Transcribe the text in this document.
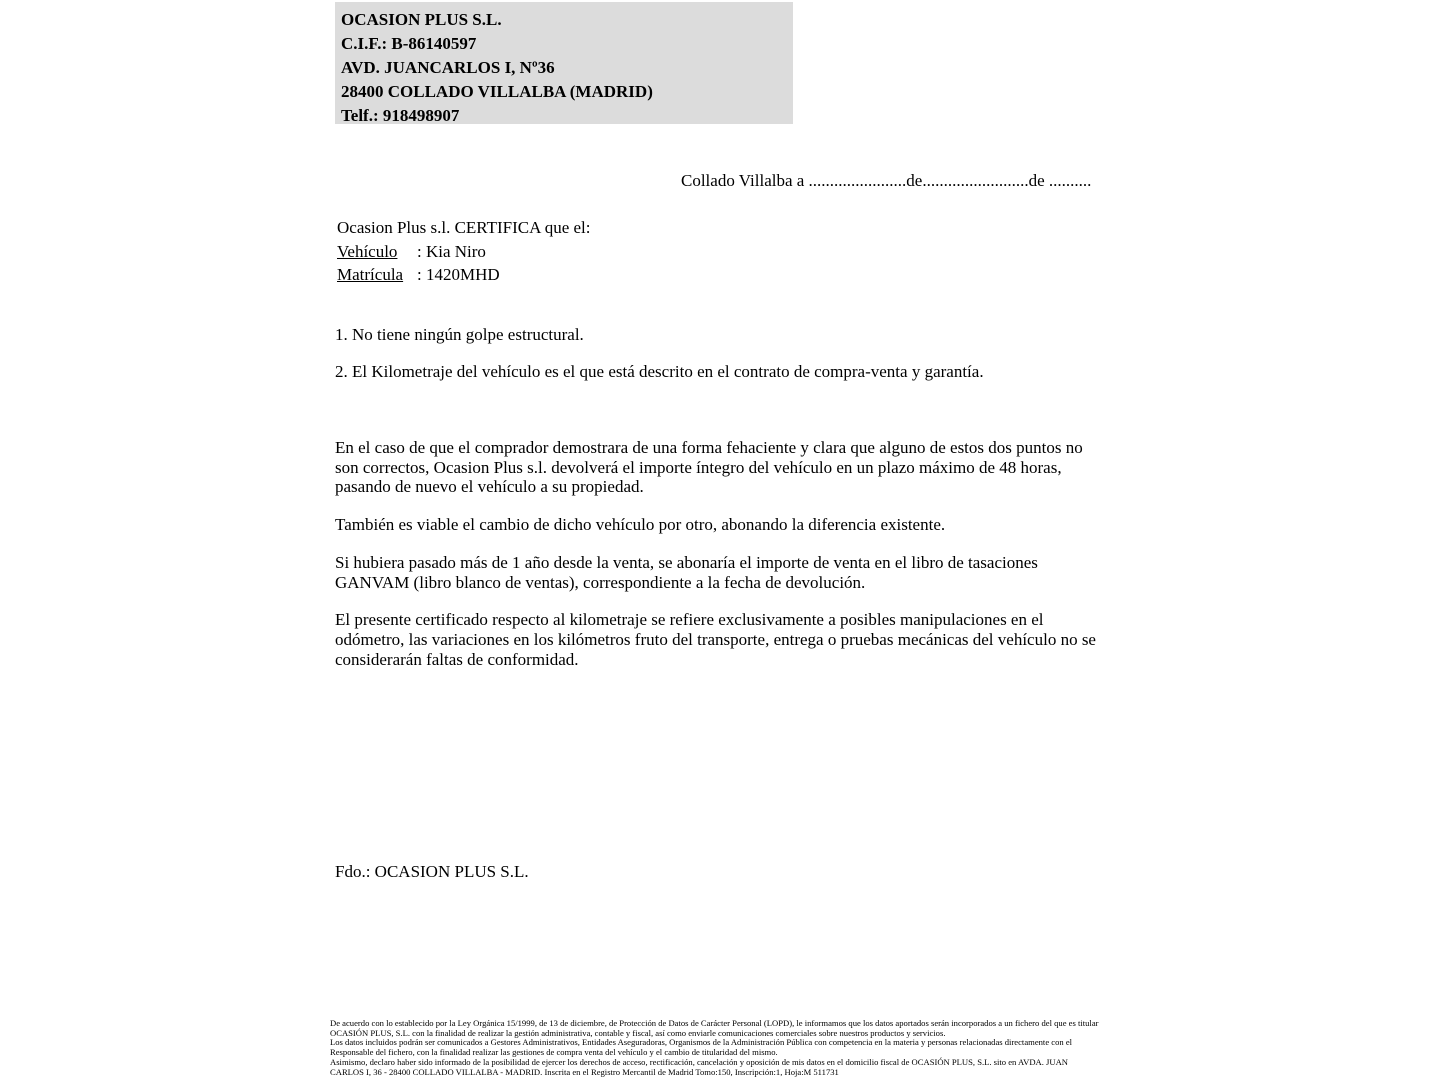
OCASION PLUS S.L.
C.I.F.: B-86140597
AVD. JUANCARLOS I, Nº36
28400 COLLADO VILLALBA (MADRID)
Telf.: 918498907
Collado Villalba a .......................de.........................de ..........
Ocasion Plus s.l. CERTIFICA que el:
Vehículo : Kia Niro
Matrícula : 1420MHD

1. No tiene ningún golpe estructural.

2. El Kilometraje del vehículo es el que está descrito en el contrato de compra-venta y garantía.

En el caso de que el comprador demostrara de una forma fehaciente y clara que alguno de estos dos puntos no son correctos, Ocasion Plus s.l. devolverá el importe íntegro del vehículo en un plazo máximo de 48 horas, pasando de nuevo el vehículo a su propiedad.

También es viable el cambio de dicho vehículo por otro, abonando la diferencia existente.

Si hubiera pasado más de 1 año desde la venta, se abonaría el importe de venta en el libro de tasaciones GANVAM (libro blanco de ventas), correspondiente a la fecha de devolución.

El presente certificado respecto al kilometraje se refiere exclusivamente a posibles manipulaciones en el odómetro, las variaciones en los kilómetros fruto del transporte, entrega o pruebas mecánicas del vehículo no se considerarán faltas de conformidad.

Fdo.: OCASION PLUS S.L.

De acuerdo con lo establecido por la Ley Orgánica 15/1999, de 13 de diciembre, de Protección de Datos de Carácter Personal (LOPD), le informamos que los datos aportados serán incorporados a un fichero del que es titular OCASIÓN PLUS, S.L. con la finalidad de realizar la gestión administrativa, contable y fiscal, así como enviarle comunicaciones comerciales sobre nuestros productos y servicios.

Los datos incluidos podrán ser comunicados a Gestores Administrativos, Entidades Aseguradoras, Organismos de la Administración Pública con competencia en la materia y personas relacionadas directamente con el Responsable del fichero, con la finalidad realizar las gestiones de compra venta del vehículo y el cambio de titularidad del mismo.

Asimismo, declaro haber sido informado de la posibilidad de ejercer los derechos de acceso, rectificación, cancelación y oposición de mis datos en el domicilio fiscal de OCASIÓN PLUS, S.L. sito en AVDA. JUAN CARLOS I, 36 - 28400 COLLADO VILLALBA - MADRID. Inscrita en el Registro Mercantil de Madrid Tomo:150, Inscripción:1, Hoja:M 511731
